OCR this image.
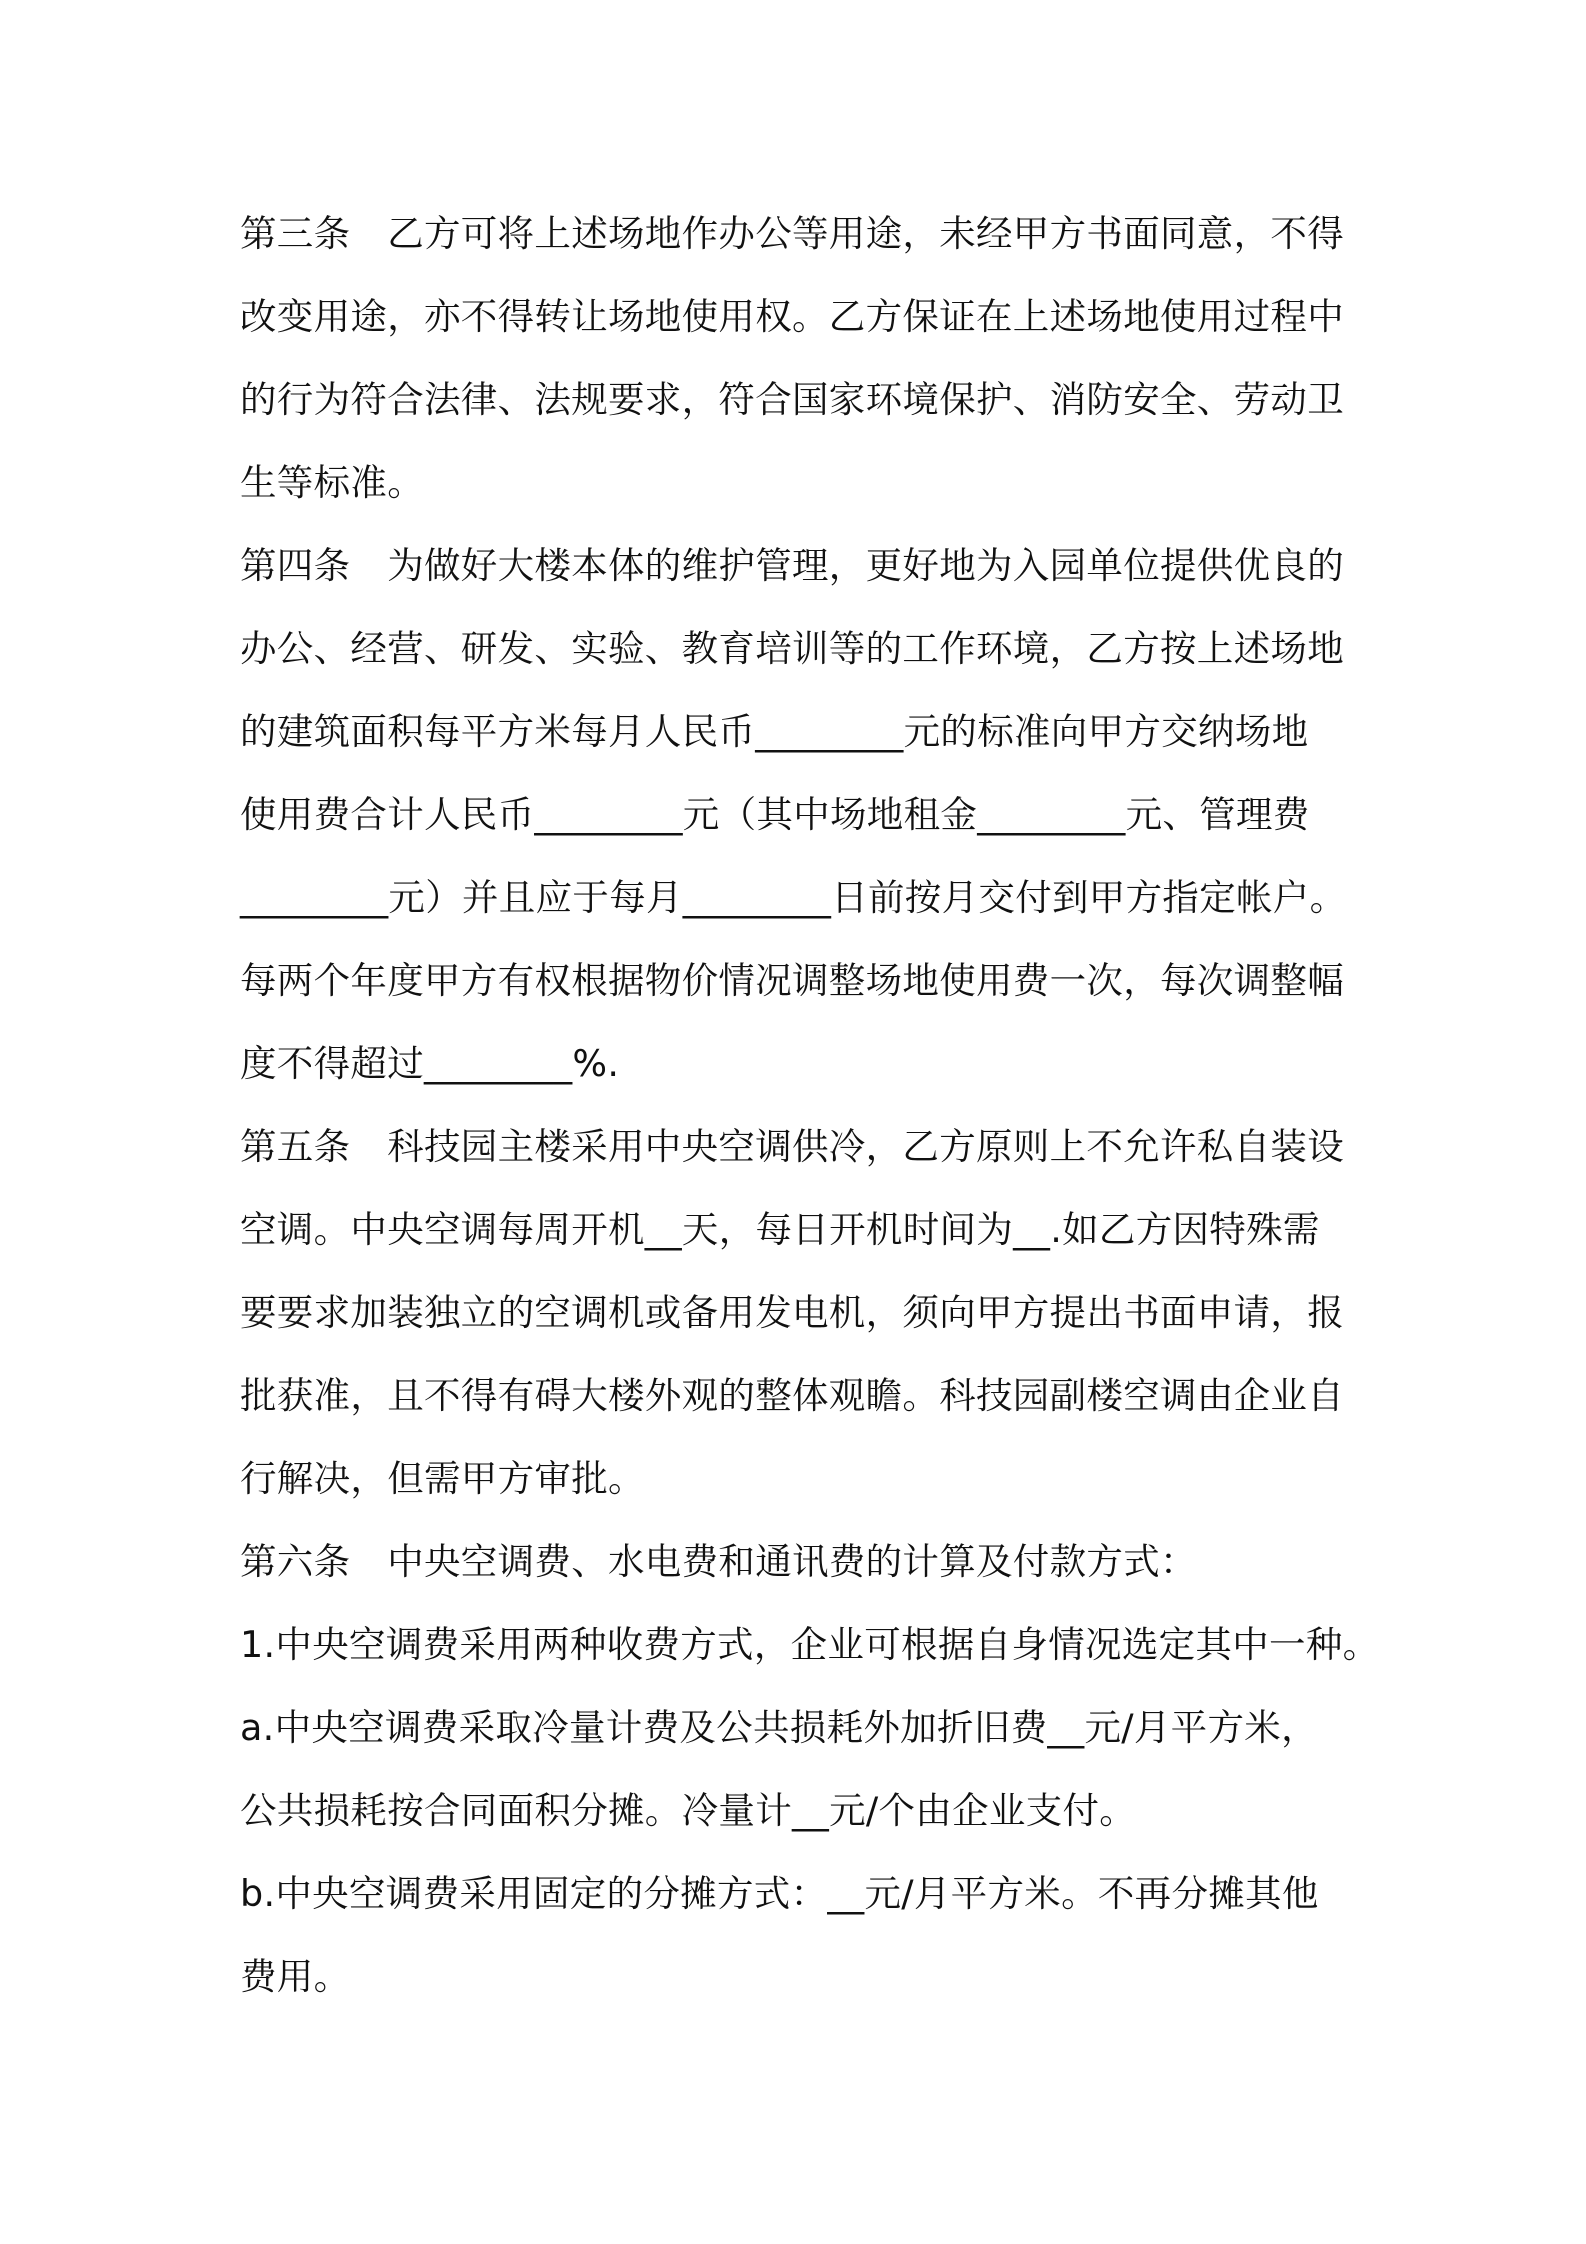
第三条　乙方可将上述场地作办公等用途，未经甲方书面同意，不得
改变用途，亦不得转让场地使用权。乙方保证在上述场地使用过程中
的行为符合法律、法规要求，符合国家环境保护、消防安全、劳动卫
生等标准。
第四条　为做好大楼本体的维护管理，更好地为入园单位提供优良的
办公、经营、研发、实验、教育培训等的工作环境，乙方按上述场地
的建筑面积每平方米每月人民币________元的标准向甲方交纳场地
使用费合计人民币________元（其中场地租金________元、管理费
________元）并且应于每月________日前按月交付到甲方指定帐户。
每两个年度甲方有权根据物价情况调整场地使用费一次，每次调整幅
度不得超过________%.
第五条　科技园主楼采用中央空调供冷，乙方原则上不允许私自装设
空调。中央空调每周开机__天，每日开机时间为__.如乙方因特殊需
要要求加装独立的空调机或备用发电机，须向甲方提出书面申请，报
批获准，且不得有碍大楼外观的整体观瞻。科技园副楼空调由企业自
行解决，但需甲方审批。
第六条　中央空调费、水电费和通讯费的计算及付款方式：
1.中央空调费采用两种收费方式，企业可根据自身情况选定其中一种。
a.中央空调费采取冷量计费及公共损耗外加折旧费__元/月平方米，
公共损耗按合同面积分摊。冷量计__元/个由企业支付。
b.中央空调费采用固定的分摊方式：__元/月平方米。不再分摊其他
费用。
